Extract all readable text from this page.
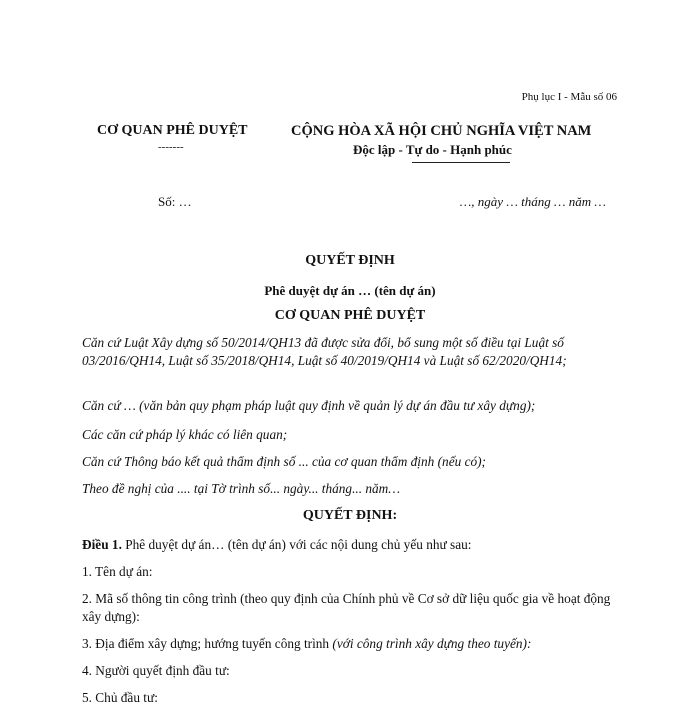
Phụ lục I - Mẫu số 06
CƠ QUAN PHÊ DUYỆT
-------
CỘNG HÒA XÃ HỘI CHỦ NGHĨA VIỆT NAM
Độc lập - Tự do - Hạnh phúc
Số: …	…, ngày … tháng … năm …
QUYẾT ĐỊNH
Phê duyệt dự án … (tên dự án)
CƠ QUAN PHÊ DUYỆT
Căn cứ Luật Xây dựng số 50/2014/QH13 đã được sửa đổi, bổ sung một số điều tại Luật số 03/2016/QH14, Luật số 35/2018/QH14, Luật số 40/2019/QH14 và Luật số 62/2020/QH14;
Căn cứ … (văn bản quy phạm pháp luật quy định về quản lý dự án đầu tư xây dựng);
Các căn cứ pháp lý khác có liên quan;
Căn cứ Thông báo kết quả thẩm định số ... của cơ quan thẩm định (nếu có);
Theo đề nghị của .... tại Tờ trình số... ngày... tháng... năm…
QUYẾT ĐỊNH:
Điều 1. Phê duyệt dự án… (tên dự án) với các nội dung chủ yếu như sau:
1. Tên dự án:
2. Mã số thông tin công trình (theo quy định của Chính phủ về Cơ sở dữ liệu quốc gia về hoạt động xây dựng):
3. Địa điểm xây dựng; hướng tuyến công trình (với công trình xây dựng theo tuyến):
4. Người quyết định đầu tư:
5. Chủ đầu tư:
